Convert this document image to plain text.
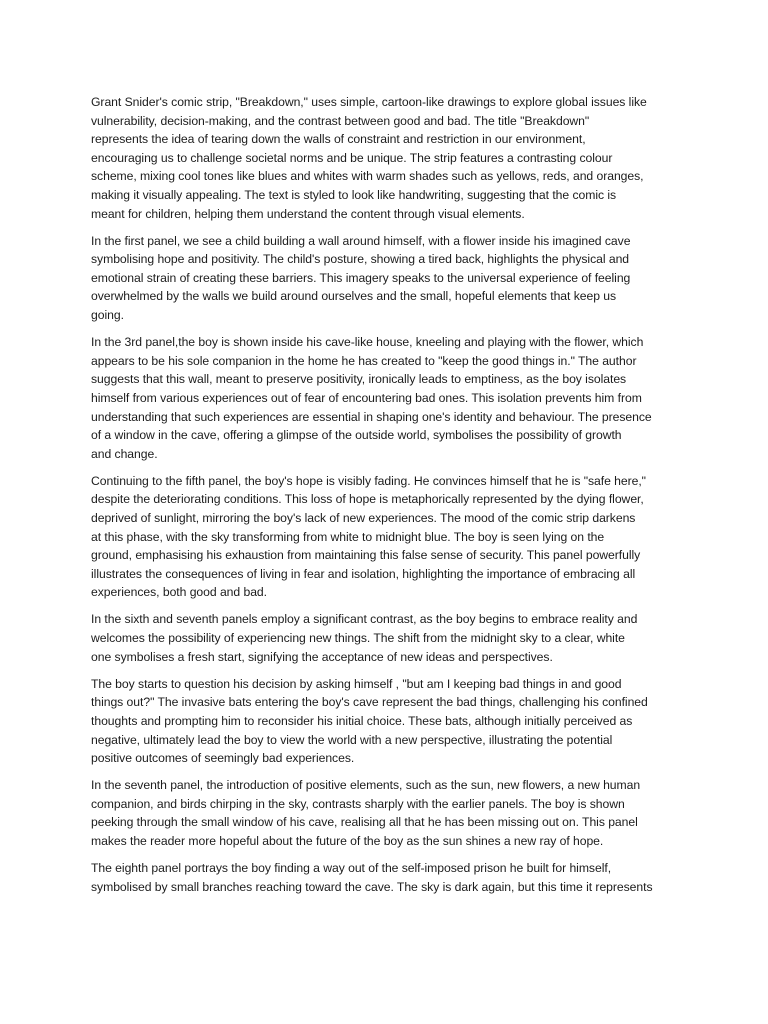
Grant Snider's comic strip, "Breakdown," uses simple, cartoon-like drawings to explore global issues like
vulnerability, decision-making, and the contrast between good and bad. The title "Breakdown"
represents the idea of tearing down the walls of constraint and restriction in our environment,
encouraging us to challenge societal norms and be unique. The strip features a contrasting colour
scheme, mixing cool tones like blues and whites with warm shades such as yellows, reds, and oranges,
making it visually appealing. The text is styled to look like handwriting, suggesting that the comic is
meant for children, helping them understand the content through visual elements.
In the first panel, we see a child building a wall around himself, with a flower inside his imagined cave
symbolising hope and positivity. The child's posture, showing a tired back, highlights the physical and
emotional strain of creating these barriers. This imagery speaks to the universal experience of feeling
overwhelmed by the walls we build around ourselves and the small, hopeful elements that keep us
going.
In the 3rd panel,the boy is shown inside his cave-like house, kneeling and playing with the flower, which
appears to be his sole companion in the home he has created to "keep the good things in." The author
suggests that this wall, meant to preserve positivity, ironically leads to emptiness, as the boy isolates
himself from various experiences out of fear of encountering bad ones. This isolation prevents him from
understanding that such experiences are essential in shaping one's identity and behaviour. The presence
of a window in the cave, offering a glimpse of the outside world, symbolises the possibility of growth
and change.
Continuing to the fifth panel, the boy's hope is visibly fading. He convinces himself that he is "safe here,"
despite the deteriorating conditions. This loss of hope is metaphorically represented by the dying flower,
deprived of sunlight, mirroring the boy's lack of new experiences. The mood of the comic strip darkens
at this phase, with the sky transforming from white to midnight blue. The boy is seen lying on the
ground, emphasising his exhaustion from maintaining this false sense of security. This panel powerfully
illustrates the consequences of living in fear and isolation, highlighting the importance of embracing all
experiences, both good and bad.
In the sixth and seventh panels employ a significant contrast, as the boy begins to embrace reality and
welcomes the possibility of experiencing new things. The shift from the midnight sky to a clear, white
one symbolises a fresh start, signifying the acceptance of new ideas and perspectives.
The boy starts to question his decision by asking himself , "but am I keeping bad things in and good
things out?" The invasive bats entering the boy's cave represent the bad things, challenging his confined
thoughts and prompting him to reconsider his initial choice. These bats, although initially perceived as
negative, ultimately lead the boy to view the world with a new perspective, illustrating the potential
positive outcomes of seemingly bad experiences.
In the seventh panel, the introduction of positive elements, such as the sun, new flowers, a new human
companion, and birds chirping in the sky, contrasts sharply with the earlier panels. The boy is shown
peeking through the small window of his cave, realising all that he has been missing out on. This panel
makes the reader more hopeful about the future of the boy as the sun shines a new ray of hope.
The eighth panel portrays the boy finding a way out of the self-imposed prison he built for himself,
symbolised by small branches reaching toward the cave. The sky is dark again, but this time it represents
